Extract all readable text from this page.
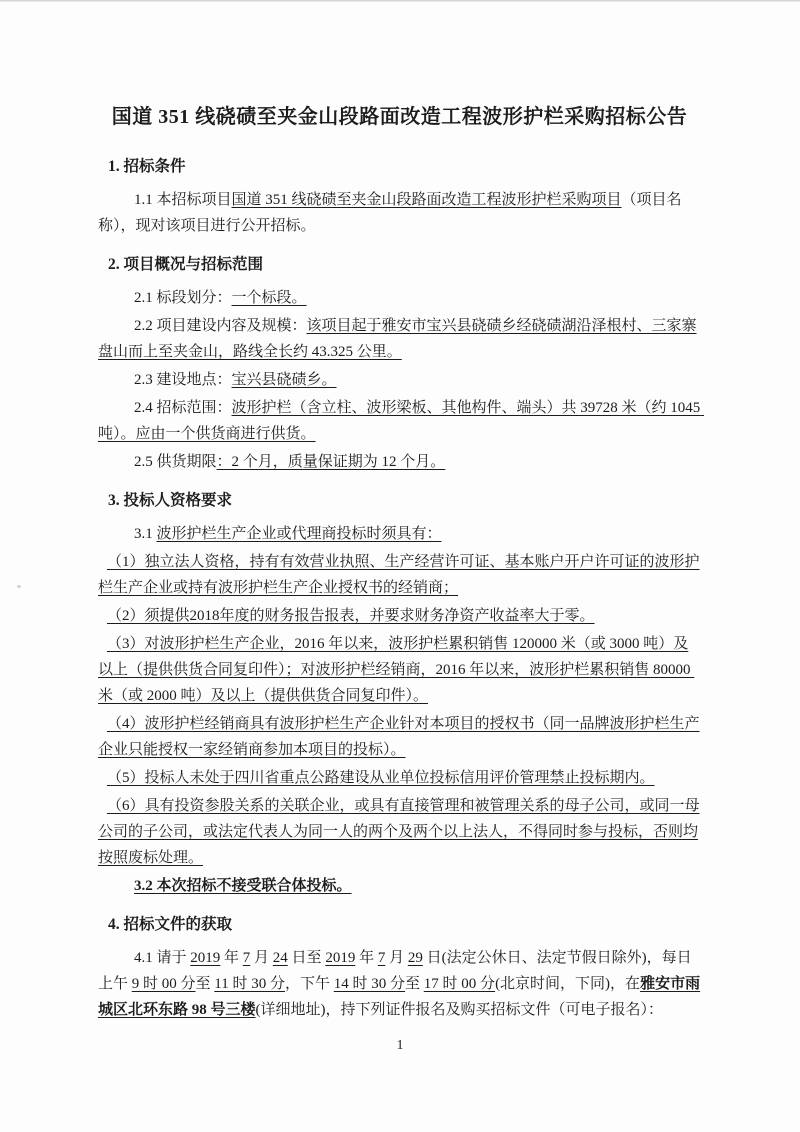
国道 351 线硗碛至夹金山段路面改造工程波形护栏采购招标公告
1. 招标条件

1.1 本招标项目国道 351 线硗碛至夹金山段路面改造工程波形护栏采购项目（项目名称），现对该项目进行公开招标。

2. 项目概况与招标范围

2.1 标段划分：一个标段。

2.2 项目建设内容及规模：该项目起于雅安市宝兴县硗碛乡经硗碛湖沿泽根村、三家寨盘山而上至夹金山，路线全长约 43.325 公里。

2.3 建设地点：宝兴县硗碛乡。

2.4 招标范围：波形护栏（含立柱、波形梁板、其他构件、端头）共 39728 米（约 1045 吨）。应由一个供货商进行供货。

2.5 供货期限：2 个月，质量保证期为 12 个月。

3. 投标人资格要求

3.1 波形护栏生产企业或代理商投标时须具有：

（1）独立法人资格，持有有效营业执照、生产经营许可证、基本账户开户许可证的波形护栏生产企业或持有波形护栏生产企业授权书的经销商；

（2）须提供2018年度的财务报告报表，并要求财务净资产收益率大于零。

（3）对波形护栏生产企业，2016 年以来，波形护栏累积销售 120000 米（或 3000 吨）及以上（提供供货合同复印件）；对波形护栏经销商，2016 年以来，波形护栏累积销售 80000 米（或 2000 吨）及以上（提供供货合同复印件）。

（4）波形护栏经销商具有波形护栏生产企业针对本项目的授权书（同一品牌波形护栏生产企业只能授权一家经销商参加本项目的投标）。

（5）投标人未处于四川省重点公路建设从业单位投标信用评价管理禁止投标期内。

（6）具有投资参股关系的关联企业，或具有直接管理和被管理关系的母子公司，或同一母公司的子公司，或法定代表人为同一人的两个及两个以上法人，不得同时参与投标，否则均按照废标处理。

3.2 本次招标不接受联合体投标。

4. 招标文件的获取

4.1 请于 2019 年 7 月 24 日至 2019 年 7 月 29 日(法定公休日、法定节假日除外)，每日上午 9 时 00 分至 11 时 30 分，下午 14 时 30 分至 17 时 00 分(北京时间，下同)，在雅安市雨城区北环东路 98 号三楼(详细地址)，持下列证件报名及购买招标文件（可电子报名）：

1
